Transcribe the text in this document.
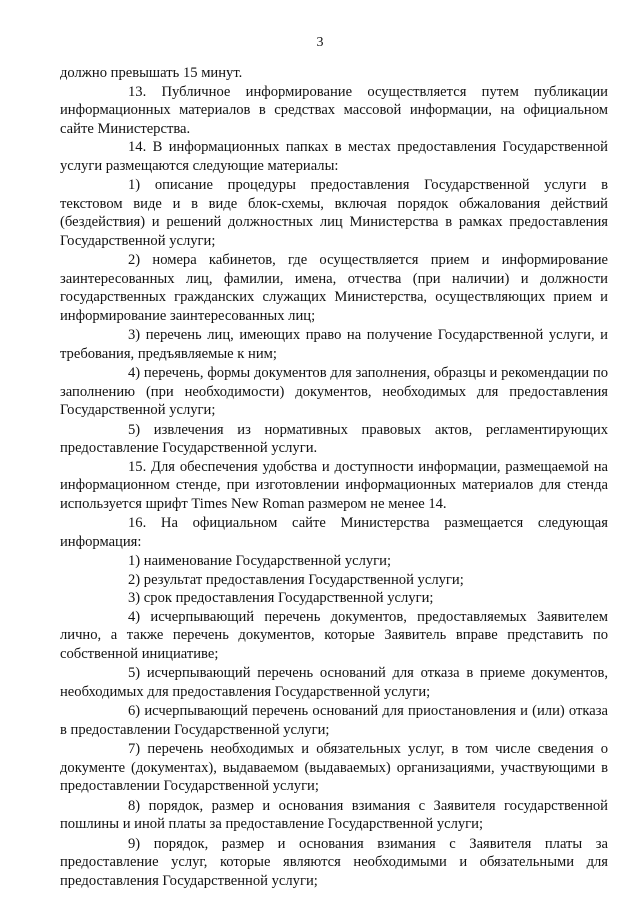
3

должно превышать 15 минут.

13. Публичное информирование осуществляется путем публикации информационных материалов в средствах массовой информации, на официальном сайте Министерства.

14. В информационных папках в местах предоставления Государственной услуги размещаются следующие материалы:

1) описание процедуры предоставления Государственной услуги в текстовом виде и в виде блок-схемы, включая порядок обжалования действий (бездействия) и решений должностных лиц Министерства в рамках предоставления Государственной услуги;

2) номера кабинетов, где осуществляется прием и информирование заинтересованных лиц, фамилии, имена, отчества (при наличии) и должности государственных гражданских служащих Министерства, осуществляющих прием и информирование заинтересованных лиц;

3) перечень лиц, имеющих право на получение Государственной услуги, и требования, предъявляемые к ним;

4) перечень, формы документов для заполнения, образцы и рекомендации по заполнению (при необходимости) документов, необходимых для предоставления Государственной услуги;

5) извлечения из нормативных правовых актов, регламентирующих предоставление Государственной услуги.

15. Для обеспечения удобства и доступности информации, размещаемой на информационном стенде, при изготовлении информационных материалов для стенда используется шрифт Times New Roman размером не менее 14.

16. На официальном сайте Министерства размещается следующая информация:

1) наименование Государственной услуги;

2) результат предоставления Государственной услуги;

3) срок предоставления Государственной услуги;

4) исчерпывающий перечень документов, предоставляемых Заявителем лично, а также перечень документов, которые Заявитель вправе представить по собственной инициативе;

5) исчерпывающий перечень оснований для отказа в приеме документов, необходимых для предоставления Государственной услуги;

6) исчерпывающий перечень оснований для приостановления и (или) отказа в предоставлении Государственной услуги;

7) перечень необходимых и обязательных услуг, в том числе сведения о документе (документах), выдаваемом (выдаваемых) организациями, участвующими в предоставлении Государственной услуги;

8) порядок, размер и основания взимания с Заявителя государственной пошлины и иной платы за предоставление Государственной услуги;

9) порядок, размер и основания взимания с Заявителя платы за предоставление услуг, которые являются необходимыми и обязательными для предоставления Государственной услуги;
